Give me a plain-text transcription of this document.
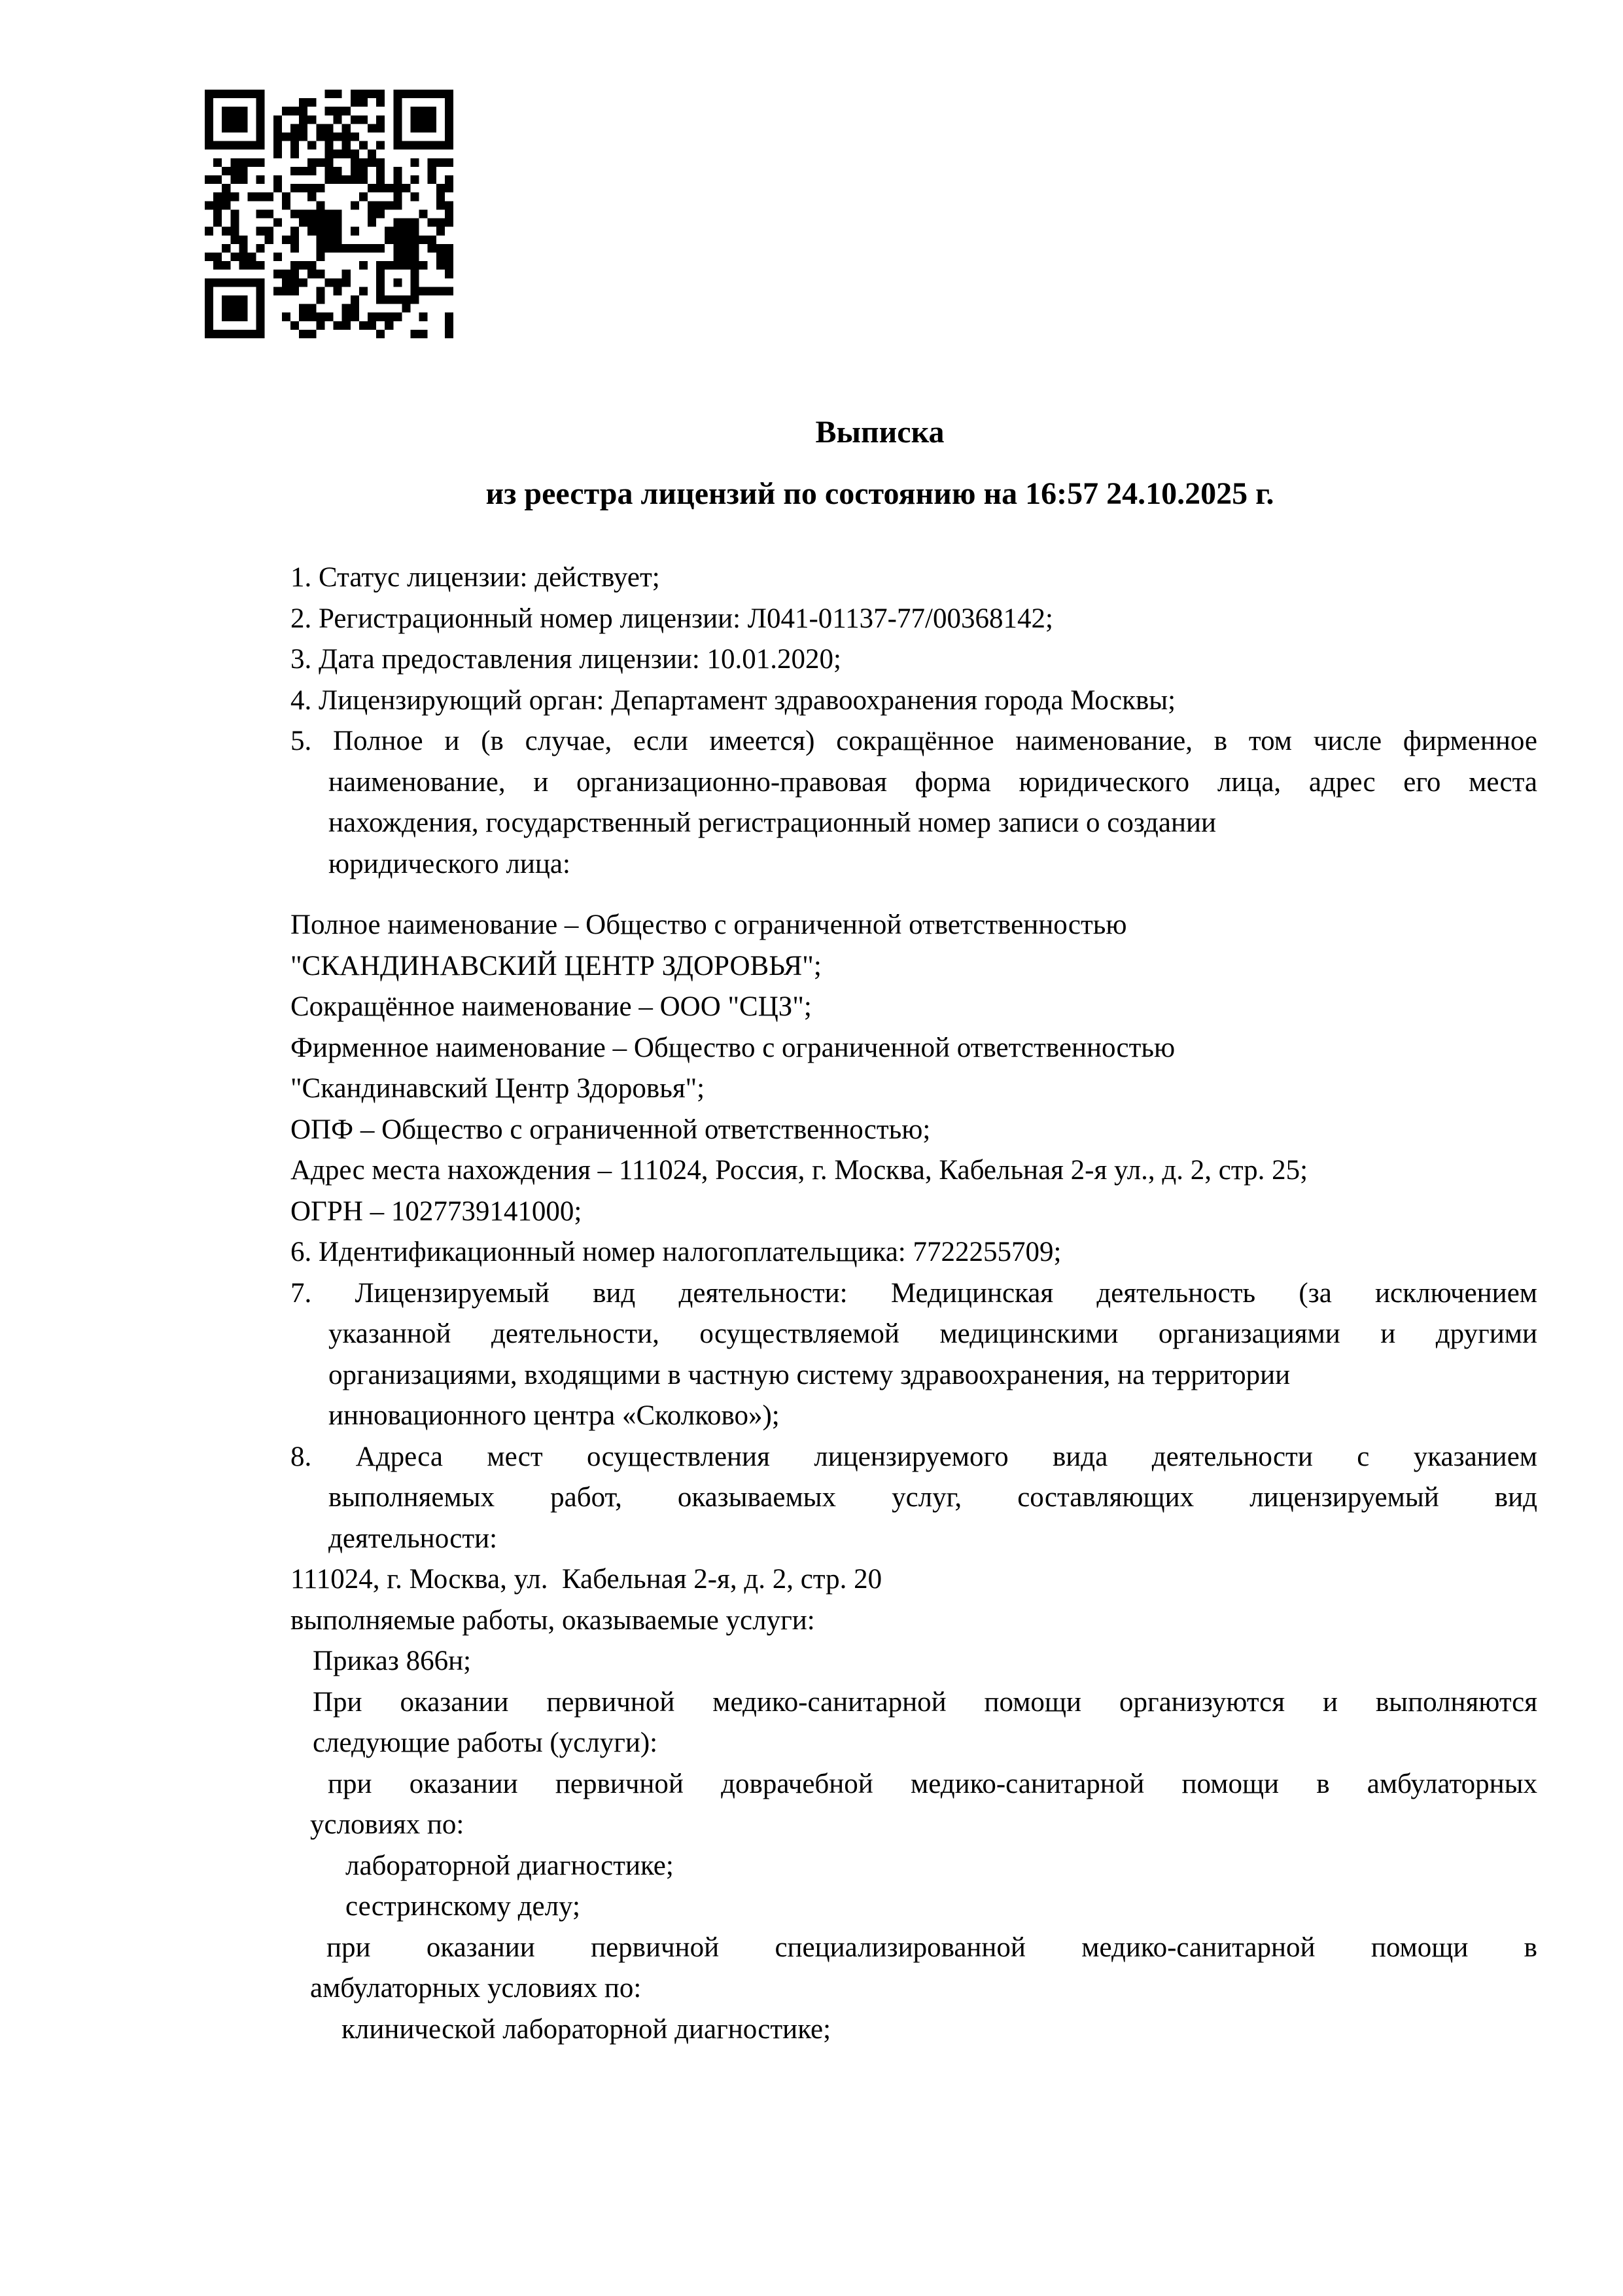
Выписка
из реестра лицензий по состоянию на 16:57 24.10.2025 г.
1. Статус лицензии: действует;
2. Регистрационный номер лицензии: Л041-01137-77/00368142;
3. Дата предоставления лицензии: 10.01.2020;
4. Лицензирующий орган: Департамент здравоохранения города Москвы;
5. Полное и (в случае, если имеется) сокращённое наименование, в том числе фирменное
наименование, и организационно-правовая форма юридического лица, адрес его места
нахождения, государственный регистрационный номер записи о создании
юридического лица:
Полное наименование – Общество с ограниченной ответственностью
"СКАНДИНАВСКИЙ ЦЕНТР ЗДОРОВЬЯ";
Сокращённое наименование – ООО "СЦЗ";
Фирменное наименование – Общество с ограниченной ответственностью
"Скандинавский Центр Здоровья";
ОПФ – Общество с ограниченной ответственностью;
Адрес места нахождения – 111024, Россия, г. Москва, Кабельная 2-я ул., д. 2, стр. 25;
ОГРН – 1027739141000;
6. Идентификационный номер налогоплательщика: 7722255709;
7. Лицензируемый вид деятельности: Медицинская деятельность (за исключением
указанной деятельности, осуществляемой медицинскими организациями и другими
организациями, входящими в частную систему здравоохранения, на территории
инновационного центра «Сколково»);
8. Адреса мест осуществления лицензируемого вида деятельности с указанием
выполняемых работ, оказываемых услуг, составляющих лицензируемый вид
деятельности:
111024, г. Москва, ул.  Кабельная 2-я, д. 2, стр. 20
выполняемые работы, оказываемые услуги:
Приказ 866н;
При оказании первичной медико-санитарной помощи организуются и выполняются
следующие работы (услуги):
при оказании первичной доврачебной медико-санитарной помощи в амбулаторных
условиях по:
лабораторной диагностике;
сестринскому делу;
при оказании первичной специализированной медико-санитарной помощи в
амбулаторных условиях по:
клинической лабораторной диагностике;
